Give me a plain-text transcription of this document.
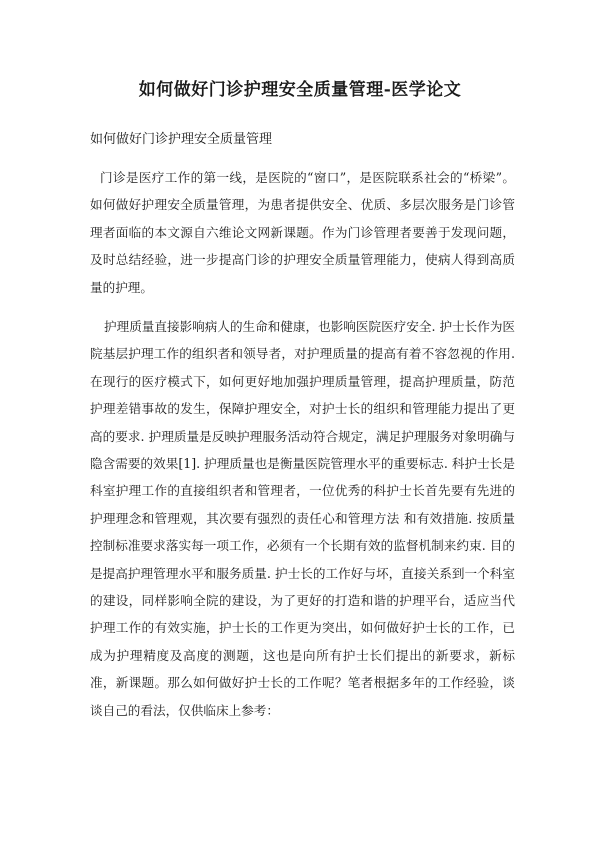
如何做好门诊护理安全质量管理-医学论文

如何做好门诊护理安全质量管理

门诊是医疗工作的第一线，是医院的“窗口”，是医院联系社会的“桥梁”。如何做好护理安全质量管理，为患者提供安全、优质、多层次服务是门诊管理者面临的本文源自六维论文网新课题。作为门诊管理者要善于发现问题，及时总结经验，进一步提高门诊的护理安全质量管理能力，使病人得到高质量的护理。

护理质量直接影响病人的生命和健康，也影响医院医疗安全. 护士长作为医院基层护理工作的组织者和领导者，对护理质量的提高有着不容忽视的作用. 在现行的医疗模式下，如何更好地加强护理质量管理，提高护理质量，防范护理差错事故的发生，保障护理安全，对护士长的组织和管理能力提出了更高的要求. 护理质量是反映护理服务活动符合规定，满足护理服务对象明确与隐含需要的效果[1]. 护理质量也是衡量医院管理水平的重要标志. 科护士长是科室护理工作的直接组织者和管理者，一位优秀的科护士长首先要有先进的护理理念和管理观，其次要有强烈的责任心和管理方法 和有效措施. 按质量控制标准要求落实每一项工作，必须有一个长期有效的监督机制来约束. 目的 是提高护理管理水平和服务质量. 护士长的工作好与坏，直接关系到一个科室的建设，同样影响全院的建设，为了更好的打造和谐的护理平台，适应当代护理工作的有效实施，护士长的工作更为突出，如何做好护士长的工作，已成为护理精度及高度的测题，这也是向所有护士长们提出的新要求，新标准，新课题。那么如何做好护士长的工作呢？笔者根据多年的工作经验，谈谈自己的看法，仅供临床上参考：
